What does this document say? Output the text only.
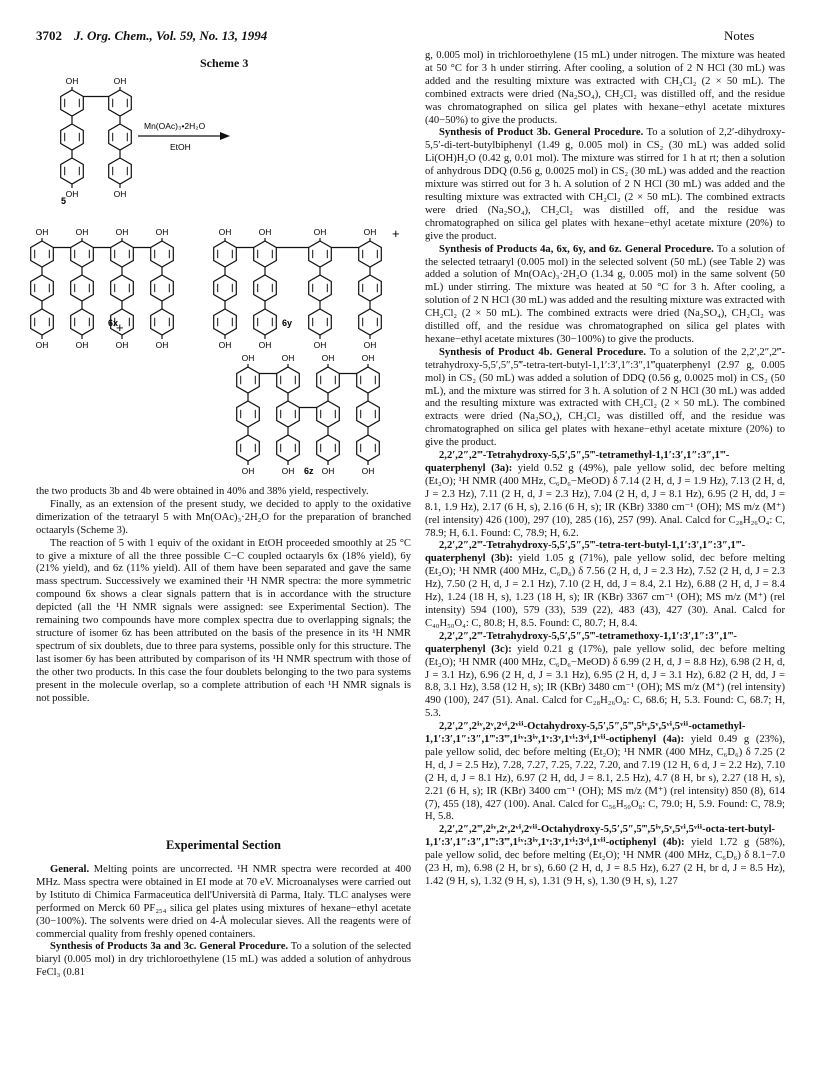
3702 J. Org. Chem., Vol. 59, No. 13, 1994	Notes
Scheme 3
OH
OH
OH
OH
Mn(OAc)₃•2H₂O
EtOH
OH
OH
OH
OH
OH
OH
OH
OH
OH
OH
OH
OH
OH
OH
OH
OH
OH
OH
OH
OH
OH
OH
OH
OH
+
+
5
6x	6y
6z

the two products 3b and 4b were obtained in 40% and 38% yield, respectively.

Finally, as an extension of the present study, we decided to apply to the oxidative dimerization of the tetraaryl 5 with Mn(OAc)₃·2H₂O for the preparation of branched octaaryls (Scheme 3).

The reaction of 5 with 1 equiv of the oxidant in EtOH proceeded smoothly at 25 °C to give a mixture of all the three possible C−C coupled octaaryls 6x (18% yield), 6y (21% yield), and 6z (11% yield). All of them have been separated and gave the same mass spectrum. Successively we examined their ¹H NMR spectra: the more symmetric compound 6x shows a clear signals pattern that is in accordance with the structure depicted (all the ¹H NMR signals were assigned: see Experimental Section). The remaining two compounds have more complex spectra due to overlapping signals; the structure of isomer 6z has been attributed on the basis of the presence in its ¹H NMR spectrum of six doublets, due to three para systems, possible only for this structure. The last isomer 6y has been attributed by comparison of its ¹H NMR spectrum with those of the other two products. In this case the four doublets belonging to the two para systems present in the molecule overlap, so a complete attribution of each ¹H NMR signals is not possible.

Experimental Section

General. Melting points are uncorrected. ¹H NMR spectra were recorded at 400 MHz. Mass spectra were obtained in EI mode at 70 eV. Microanalyses were carried out by Istituto di Chimica Farmaceutica dell'Università di Parma, Italy. TLC analyses were performed on Merck 60 PF₂₅₄ silica gel plates using mixtures of hexane−ethyl acetate (30−100%). The solvents were dried on 4-Å molecular sieves. All the reagents were of commercial quality from freshly opened containers.

Synthesis of Products 3a and 3c. General Procedure. To a solution of the selected biaryl (0.005 mol) in dry trichloroethylene (15 mL) was added a solution of anhydrous FeCl₃ (0.81

g, 0.005 mol) in trichloroethylene (15 mL) under nitrogen. The mixture was heated at 50 °C for 3 h under stirring. After cooling, a solution of 2 N HCl (30 mL) was added and the resulting mixture was extracted with CH₂Cl₂ (2 × 50 mL). The combined extracts were dried (Na₂SO₄), CH₂Cl₂ was distilled off, and the residue was chromatographed on silica gel plates with hexane−ethyl acetate mixtures (40−50%) to give the products.

Synthesis of Product 3b. General Procedure. To a solution of 2,2′-dihydroxy-5,5′-di-tert-butylbiphenyl (1.49 g, 0.005 mol) in CS₂ (30 mL) was added solid Li(OH)H₂O (0.42 g, 0.01 mol). The mixture was stirred for 1 h at rt; then a solution of anhydrous DDQ (0.56 g, 0.0025 mol) in CS₂ (30 mL) was added and the reaction mixture was stirred out for 3 h. A solution of 2 N HCl (30 mL) was added and the resulting mixture was extracted with CH₂Cl₂ (2 × 50 mL). The combined extracts were dried (Na₂SO₄), CH₂Cl₂ was distilled off, and the residue was chromatographed on silica gel plates with hexane−ethyl acetate mixture (20%) to give the product.

Synthesis of Products 4a, 6x, 6y, and 6z. General Procedure. To a solution of the selected tetraaryl (0.005 mol) in the selected solvent (50 mL) (see Table 2) was added a solution of Mn(OAc)₃·2H₂O (1.34 g, 0.005 mol) in the same solvent (50 mL) under stirring. The mixture was heated at 50 °C for 3 h. After cooling, a solution of 2 N HCl (30 mL) was added and the resulting mixture was extracted with CH₂Cl₂ (2 × 50 mL). The combined extracts were dried (Na₂SO₄), CH₂Cl₂ was distilled off, and the residue was chromatographed on silica gel plates with hexane−ethyl acetate mixtures (30−100%) to give the products.

Synthesis of Product 4b. General Procedure. To a solution of the 2,2′,2″,2‴-tetrahydroxy-5,5′,5″,5‴-tetra-tert-butyl-1,1′:3′,1″:3″,1‴quaterphenyl (2.97 g, 0.005 mol) in CS₂ (50 mL) was added a solution of DDQ (0.56 g, 0.0025 mol) in CS₂ (50 mL), and the mixture was stirred for 3 h. A solution of 2 N HCl (30 mL) was added and the resulting mixture was extracted with CH₂Cl₂ (2 × 50 mL). The combined extracts were dried (Na₂SO₄), CH₂Cl₂ was distilled off, and the residue was chromatographed on silica gel plates with hexane−ethyl acetate mixture (20%) to give the product.

2,2′,2″,2‴-Tetrahydroxy-5,5′,5″,5‴-tetramethyl-1,1′:3′,1″:3″,1‴-quaterphenyl (3a): yield 0.52 g (49%), pale yellow solid, dec before melting (Et₂O); ¹H NMR (400 MHz, C₆D₆−MeOD) δ 7.14 (2 H, d, J = 1.9 Hz), 7.13 (2 H, d, J = 2.3 Hz), 7.11 (2 H, d, J = 2.3 Hz), 7.04 (2 H, d, J = 8.1 Hz), 6.95 (2 H, dd, J = 8.1, 1.9 Hz), 2.17 (6 H, s), 2.16 (6 H, s); IR (KBr) 3380 cm⁻¹ (OH); MS m/z (M⁺) (rel intensity) 426 (100), 297 (10), 285 (16), 257 (99). Anal. Calcd for C₂₈H₂₆O₄: C, 78.9; H, 6.1. Found: C, 78.9; H, 6.2.

2,2′,2″,2‴-Tetrahydroxy-5,5′,5″,5‴-tetra-tert-butyl-1,1′:3′,1″:3″,1‴-quaterphenyl (3b): yield 1.05 g (71%), pale yellow solid, dec before melting (Et₂O); ¹H NMR (400 MHz, C₆D₆) δ 7.56 (2 H, d, J = 2.3 Hz), 7.52 (2 H, d, J = 2.3 Hz), 7.50 (2 H, d, J = 2.1 Hz), 7.10 (2 H, dd, J = 8.4, 2.1 Hz), 6.88 (2 H, d, J = 8.4 Hz), 1.24 (18 H, s), 1.23 (18 H, s); IR (KBr) 3367 cm⁻¹ (OH); MS m/z (M⁺) (rel intensity) 594 (100), 579 (33), 539 (22), 483 (43), 427 (30). Anal. Calcd for C₄₀H₅₀O₄: C, 80.8; H, 8.5. Found: C, 80.7; H, 8.4.

2,2′,2″,2‴-Tetrahydroxy-5,5′,5″,5‴-tetramethoxy-1,1′:3′,1″:3″,1‴-quaterphenyl (3c): yield 0.21 g (17%), pale yellow solid, dec before melting (Et₂O); ¹H NMR (400 MHz, C₆D₆−MeOD) δ 6.99 (2 H, d, J = 8.8 Hz), 6.98 (2 H, d, J = 3.1 Hz), 6.96 (2 H, d, J = 3.1 Hz), 6.95 (2 H, d, J = 3.1 Hz), 6.82 (2 H, dd, J = 8.8, 3.1 Hz), 3.58 (12 H, s); IR (KBr) 3480 cm⁻¹ (OH); MS m/z (M⁺) (rel intensity) 490 (100), 247 (51). Anal. Calcd for C₂₈H₂₆O₈: C, 68.6; H, 5.3. Found: C, 68.7; H, 5.3.

2,2′,2″,2ⁱᵛ,2ᵛ,2ᵛⁱ,2ᵛⁱⁱ-Octahydroxy-5,5′,5″,5‴,5ⁱᵛ,5ᵛ,5ᵛⁱ,5ᵛⁱⁱ-octamethyl-1,1′:3′,1″:3″,1‴:3‴,1ⁱᵛ:3ⁱᵛ,1ᵛ:3ᵛ,1ᵛⁱ:3ᵛⁱ,1ᵛⁱⁱ-octiphenyl (4a): yield 0.49 g (23%), pale yellow solid, dec before melting (Et₂O); ¹H NMR (400 MHz, C₆D₆) δ 7.25 (2 H, d, J = 2.5 Hz), 7.28, 7.27, 7.25, 7.22, 7.20, and 7.19 (12 H, 6 d, J = 2.2 Hz), 7.10 (2 H, d, J = 8.1 Hz), 6.97 (2 H, dd, J = 8.1, 2.5 Hz), 4.7 (8 H, br s), 2.27 (18 H, s), 2.21 (6 H, s); IR (KBr) 3400 cm⁻¹ (OH); MS m/z (M⁺) (rel intensity) 850 (8), 614 (7), 455 (18), 427 (100). Anal. Calcd for C₅₆H₅₀O₈: C, 79.0; H, 5.9. Found: C, 78.9; H, 5.8.

2,2′,2″,2‴,2ⁱᵛ,2ᵛ,2ᵛⁱ,2ᵛⁱⁱ-Octahydroxy-5,5′,5″,5‴,5ⁱᵛ,5ᵛ,5ᵛⁱ,5ᵛⁱⁱ-octa-tert-butyl-1,1′:3′,1″:3″,1‴:3‴,1ⁱᵛ:3ⁱᵛ,1ᵛ:3ᵛ,1ᵛⁱ:3ᵛⁱ,1ᵛⁱⁱ-octiphenyl (4b): yield 1.72 g (58%), pale yellow solid, dec before melting (Et₂O); ¹H NMR (400 MHz, C₆D₆) δ 8.1−7.0 (23 H, m), 6.98 (2 H, br s), 6.60 (2 H, d, J = 8.5 Hz), 6.27 (2 H, br d, J = 8.5 Hz), 1.42 (9 H, s), 1.32 (9 H, s), 1.31 (9 H, s), 1.30 (9 H, s), 1.27
